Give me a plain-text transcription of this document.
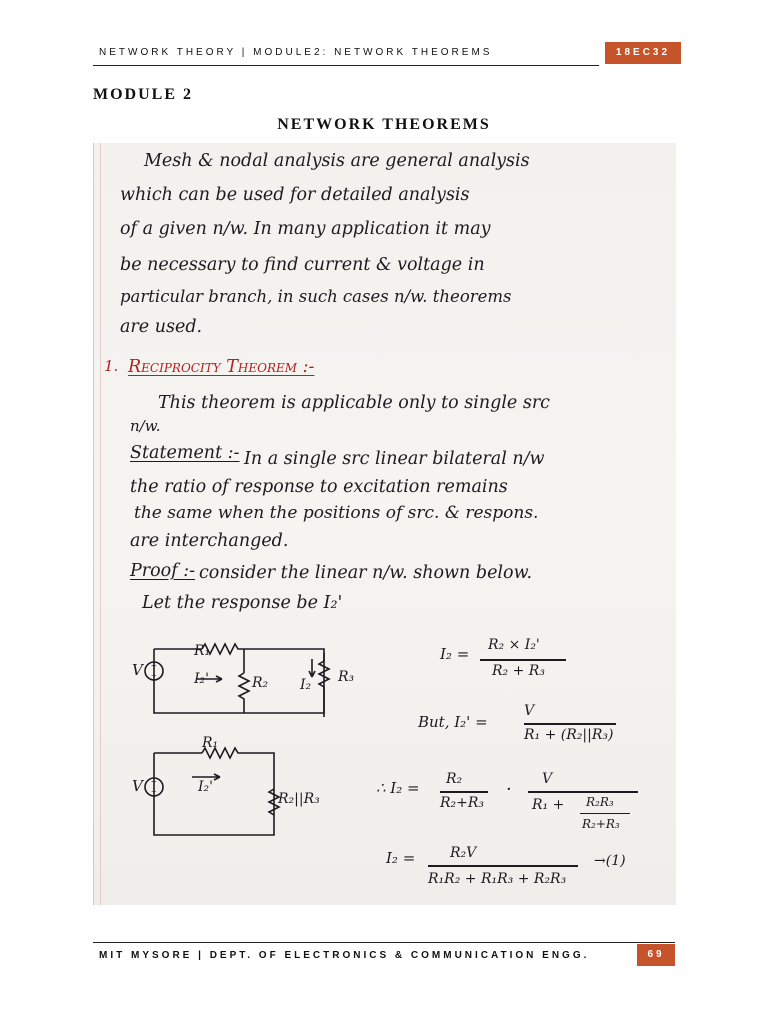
NETWORK THEORY | MODULE2: NETWORK THEOREMS	18EC32
MODULE 2
NETWORK THEOREMS
Mesh & nodal analysis are general analysis
which can be used for detailed analysis
of a given n/w. In many application it may
be necessary to find current & voltage in
particular branch, in such cases n/w. theorems
are used.
1. Reciprocity Theorem :-
This theorem is applicable only to single src
n/w.
Statement :- In a single src linear bilateral n/w
the ratio of response to excitation remains
the same when the positions of src. & respons.
are interchanged.
Proof :- consider the linear n/w. shown below.
Let the response be I₂'
+
−
V
R₁
I₂'	R₂ I₂ R₃
+
−
V
R₁
I₂'
R₂||R₃
I₂ = R₂ × I₂'
R₂ + R₃
But, I₂' =
V
R₁ + (R₂||R₃)
∴ I₂ = R₂
R₂+R₃
· V
R₁ + R₂R₃
R₂+R₃
I₂ = R₂V
R₁R₂ + R₁R₃ + R₂R₃
→(1)
MIT MYSORE | DEPT. OF ELECTRONICS & COMMUNICATION ENGG.	69
